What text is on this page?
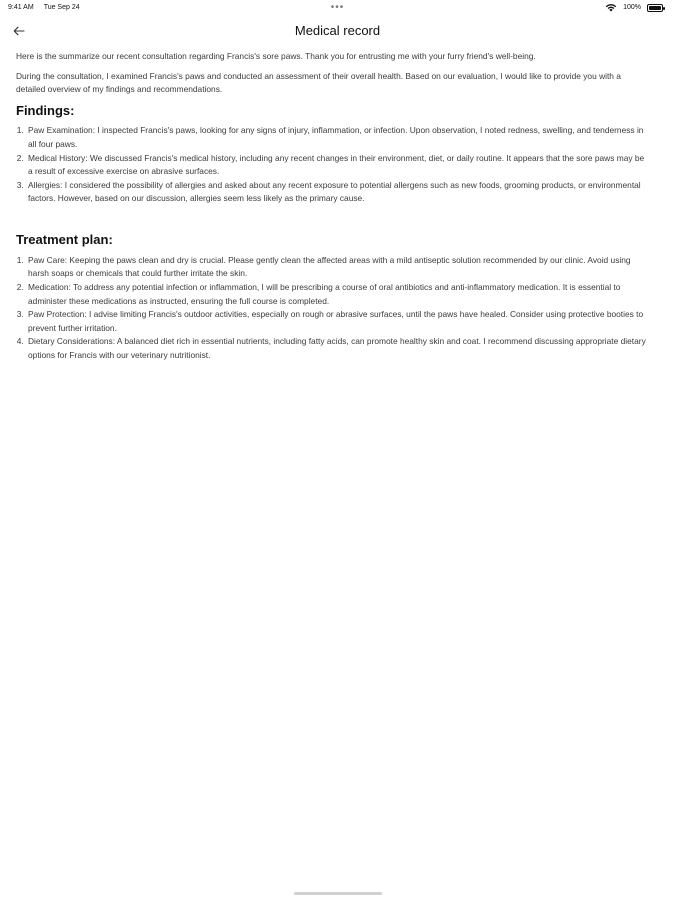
9:41 AM Tue Sep 24	•••	100%
Medical record

Here is the summarize our recent consultation regarding Francis's sore paws. Thank you for entrusting me with your furry friend's well-being.

During the consultation, I examined Francis's paws and conducted an assessment of their overall health. Based on our evaluation, I would like to provide you with a detailed overview of my findings and recommendations.

Findings:
1. Paw Examination: I inspected Francis's paws, looking for any signs of injury, inflammation, or infection. Upon observation, I noted redness, swelling, and tenderness in all four paws.
2. Medical History: We discussed Francis's medical history, including any recent changes in their environment, diet, or daily routine. It appears that the sore paws may be a result of excessive exercise on abrasive surfaces.
3. Allergies: I considered the possibility of allergies and asked about any recent exposure to potential allergens such as new foods, grooming products, or environmental factors. However, based on our discussion, allergies seem less likely as the primary cause.
Treatment plan:
1. Paw Care: Keeping the paws clean and dry is crucial. Please gently clean the affected areas with a mild antiseptic solution recommended by our clinic. Avoid using harsh soaps or chemicals that could further irritate the skin.
2. Medication: To address any potential infection or inflammation, I will be prescribing a course of oral antibiotics and anti-inflammatory medication. It is essential to administer these medications as instructed, ensuring the full course is completed.
3. Paw Protection: I advise limiting Francis's outdoor activities, especially on rough or abrasive surfaces, until the paws have healed. Consider using protective booties to prevent further irritation.
4. Dietary Considerations: A balanced diet rich in essential nutrients, including fatty acids, can promote healthy skin and coat. I recommend discussing appropriate dietary options for Francis with our veterinary nutritionist.
